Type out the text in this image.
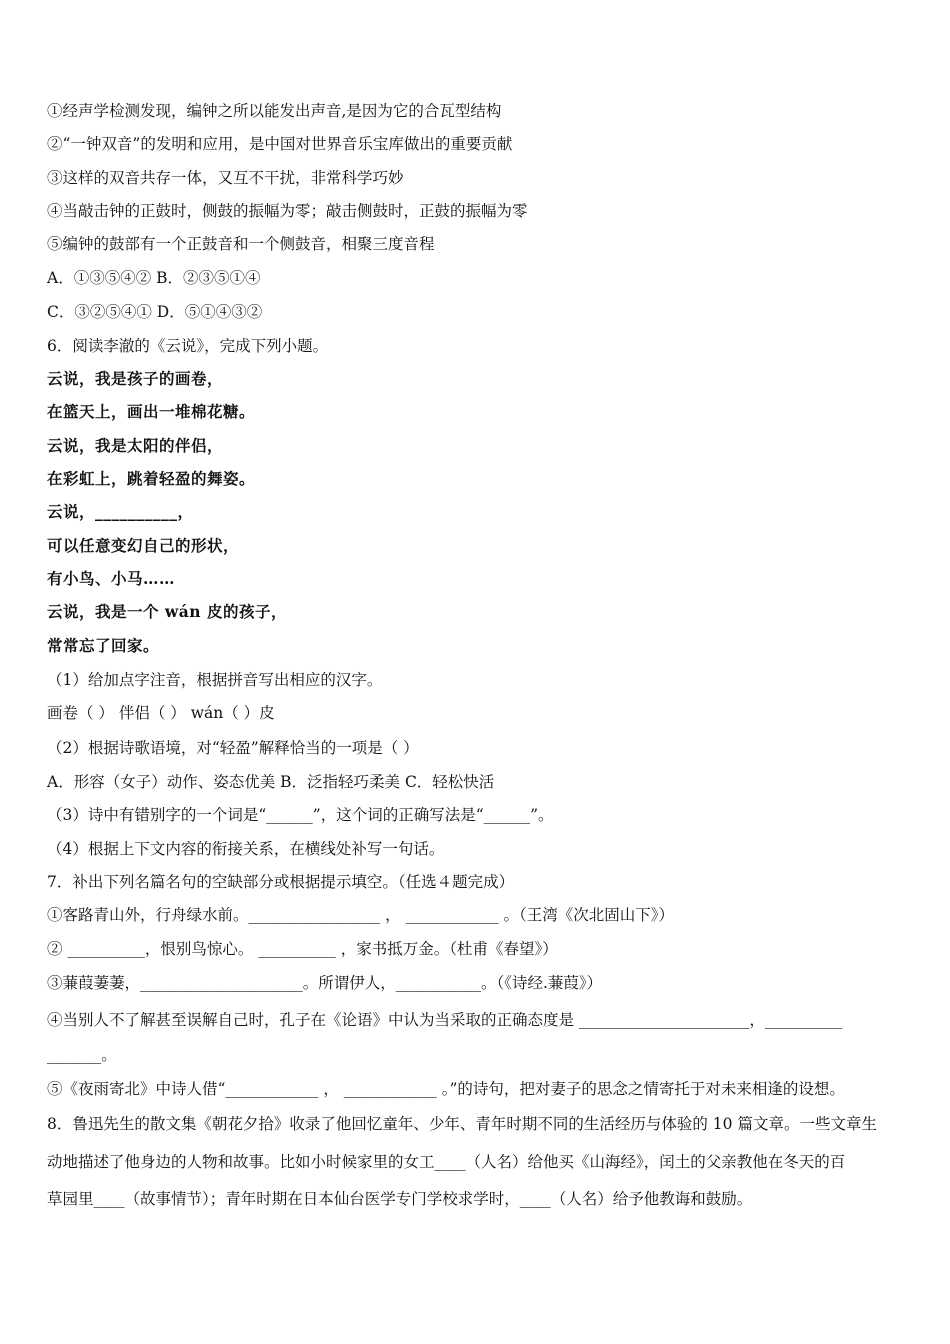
①经声学检测发现，编钟之所以能发出声音,是因为它的合瓦型结构
②“一钟双音”的发明和应用，是中国对世界音乐宝库做出的重要贡献
③这样的双音共存一体，又互不干扰，非常科学巧妙
④当敲击钟的正鼓时，侧鼓的振幅为零；敲击侧鼓时，正鼓的振幅为零
⑤编钟的鼓部有一个正鼓音和一个侧鼓音，相聚三度音程
A．①③⑤④② B．②③⑤①④
C．③②⑤④① D．⑤①④③②
6．阅读李澈的《云说》，完成下列小题。
云说，我是孩子的画卷，
在篮天上，画出一堆棉花糖。
云说，我是太阳的伴侣，
在彩虹上，跳着轻盈的舞姿。
云说，__________，
可以任意变幻自己的形状，
有小鸟、小马……
云说，我是一个 wán 皮的孩子，
常常忘了回家。
（1）给加点字注音，根据拼音写出相应的汉字。
画卷（ ） 伴侣（ ） wán（ ）皮
（2）根据诗歌语境，对“轻盈”解释恰当的一项是（ ）
A．形容（女子）动作、姿态优美 B．泛指轻巧柔美 C．轻松快活
（3）诗中有错别字的一个词是“______”，这个词的正确写法是“______”。
（4）根据上下文内容的衔接关系，在横线处补写一句话。
7．补出下列名篇名句的空缺部分或根据提示填空。（任选４题完成）
①客路青山外，行舟绿水前。_________________ ， ____________ 。（王湾《次北固山下》）
② __________，恨别鸟惊心。 __________ ，家书抵万金。（杜甫《春望》）
③蒹葭萋萋，_____________________。所谓伊人，___________。（《诗经.蒹葭》）
④当别人不了解甚至误解自己时，孔子在《论语》中认为当采取的正确态度是 ______________________，__________
_______。
⑤《夜雨寄北》中诗人借“____________ ， ____________ 。”的诗句，把对妻子的思念之情寄托于对未来相逢的设想。
8．鲁迅先生的散文集《朝花夕拾》收录了他回忆童年、少年、青年时期不同的生活经历与体验的 10 篇文章。一些文章生
动地描述了他身边的人物和故事。比如小时候家里的女工____（人名）给他买《山海经》，闰土的父亲教他在冬天的百
草园里____（故事情节）；青年时期在日本仙台医学专门学校求学时，____（人名）给予他教诲和鼓励。
